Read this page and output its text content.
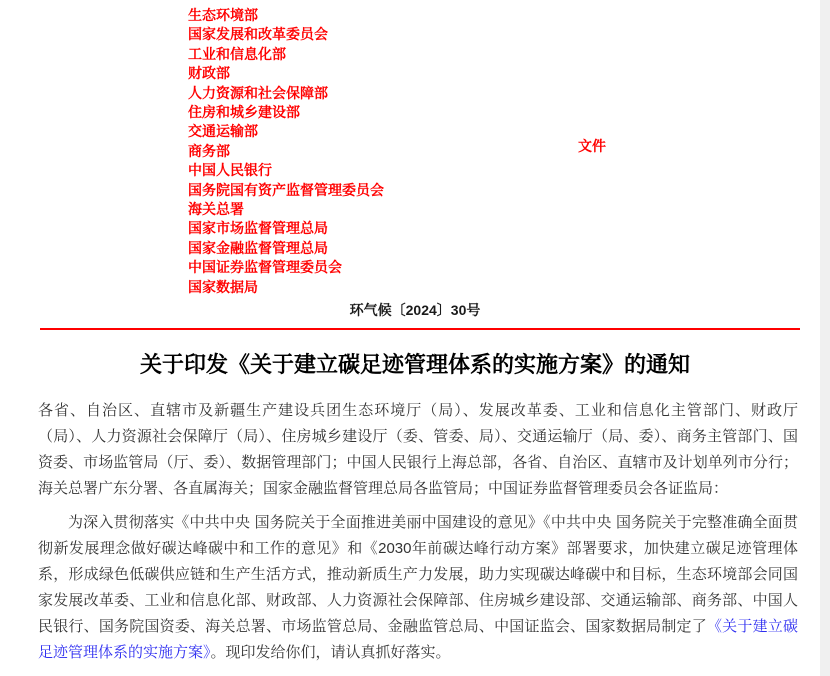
生态环境部
国家发展和改革委员会
工业和信息化部
财政部
人力资源和社会保障部
住房和城乡建设部
交通运输部
商务部
中国人民银行
国务院国有资产监督管理委员会
海关总署
国家市场监督管理总局
国家金融监督管理总局
中国证券监督管理委员会
国家数据局
文件
环气候〔2024〕30号
关于印发《关于建立碳足迹管理体系的实施方案》的通知

各省、自治区、直辖市及新疆生产建设兵团生态环境厅（局）、发展改革委、工业和信息化主管部门、财政厅（局）、人力资源社会保障厅（局）、住房城乡建设厅（委、管委、局）、交通运输厅（局、委）、商务主管部门、国资委、市场监管局（厅、委）、数据管理部门；中国人民银行上海总部，各省、自治区、直辖市及计划单列市分行；海关总署广东分署、各直属海关；国家金融监督管理总局各监管局；中国证券监督管理委员会各证监局：

为深入贯彻落实《中共中央 国务院关于全面推进美丽中国建设的意见》《中共中央 国务院关于完整准确全面贯彻新发展理念做好碳达峰碳中和工作的意见》和《2030年前碳达峰行动方案》部署要求，加快建立碳足迹管理体系，形成绿色低碳供应链和生产生活方式，推动新质生产力发展，助力实现碳达峰碳中和目标，生态环境部会同国家发展改革委、工业和信息化部、财政部、人力资源社会保障部、住房城乡建设部、交通运输部、商务部、中国人民银行、国务院国资委、海关总署、市场监管总局、金融监管总局、中国证监会、国家数据局制定了《关于建立碳足迹管理体系的实施方案》。现印发给你们，请认真抓好落实。
